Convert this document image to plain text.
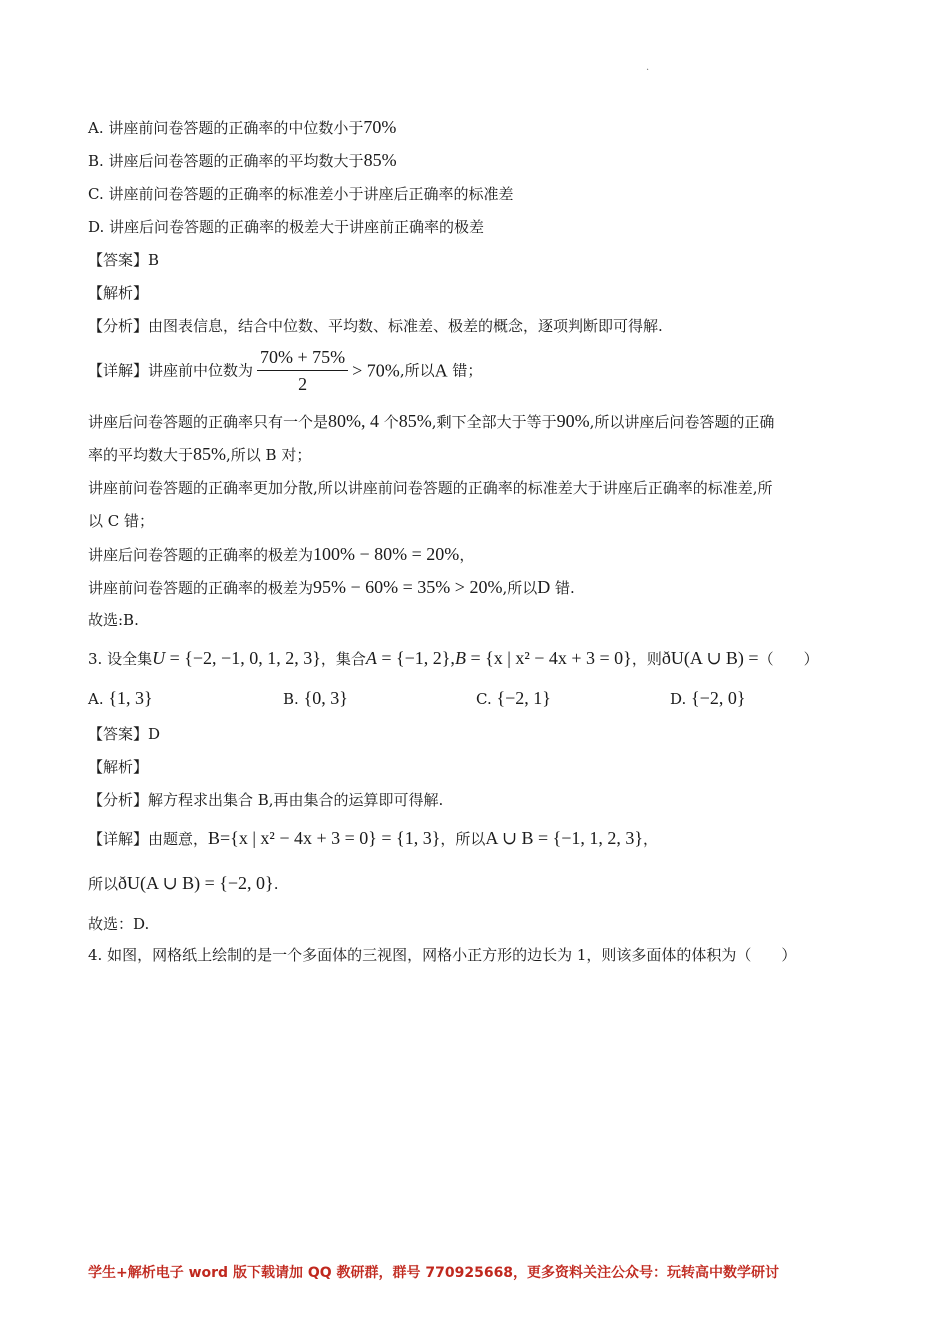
.
A. 讲座前问卷答题的正确率的中位数小于70%
B. 讲座后问卷答题的正确率的平均数大于85%
C. 讲座前问卷答题的正确率的标准差小于讲座后正确率的标准差
D. 讲座后问卷答题的正确率的极差大于讲座前正确率的极差
【答案】B
【解析】
【分析】由图表信息，结合中位数、平均数、标准差、极差的概念，逐项判断即可得解.
【详解】讲座前中位数为 $\frac{70\% + 75\%}{2} > 70\%$,所以A 错；
讲座后问卷答题的正确率只有一个是80%, 4 个85%,剩下全部大于等于90%,所以讲座后问卷答题的正确
率的平均数大于85%,所以 B 对；
讲座前问卷答题的正确率更加分散,所以讲座前问卷答题的正确率的标准差大于讲座后正确率的标准差,所
以 C 错；
讲座后问卷答题的正确率的极差为100% − 80% = 20%，
讲座前问卷答题的正确率的极差为95% − 60% = 35% > 20%,所以D 错.
故选:B.
3. 设全集U = {−2, −1, 0, 1, 2, 3}，集合A = {−1, 2},B = {x | x² − 4x + 3 = 0}，则ðU(A ∪ B) =（　　）
A. {1, 3}	B. {0, 3}	C. {−2, 1}	D. {−2, 0}
【答案】D
【解析】
【分析】解方程求出集合 B,再由集合的运算即可得解.
【详解】由题意，B={x | x² − 4x + 3 = 0} = {1, 3}，所以A ∪ B = {−1, 1, 2, 3}，
所以ðU(A ∪ B) = {−2, 0}.
故选：D.
4. 如图，网格纸上绘制的是一个多面体的三视图，网格小正方形的边长为 1，则该多面体的体积为（　　）
学生+解析电子 word 版下载请加 QQ 教研群，群号 770925668，更多资料关注公众号：玩转高中数学研讨
